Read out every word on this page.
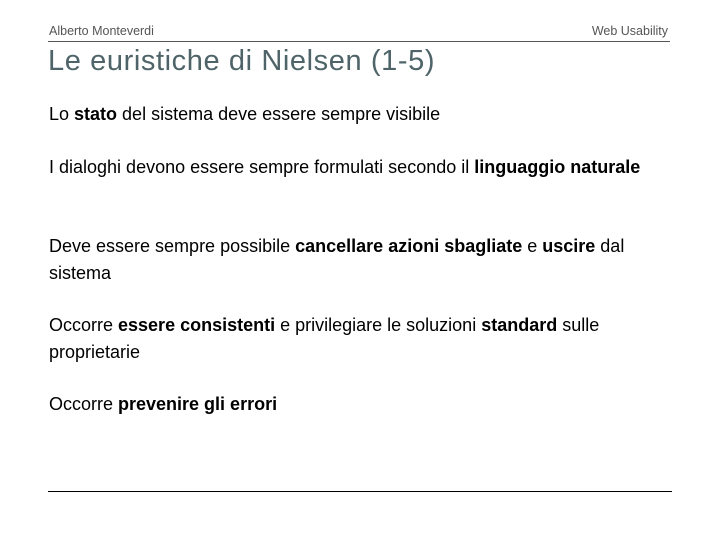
Alberto Monteverdi	Web Usability
Le euristiche di Nielsen (1-5)
Lo stato del sistema deve essere sempre visibile
I dialoghi devono essere sempre formulati secondo il linguaggio naturale
Deve essere sempre possibile cancellare azioni sbagliate e uscire dal sistema
Occorre essere consistenti e privilegiare le soluzioni standard sulle proprietarie
Occorre prevenire gli errori
